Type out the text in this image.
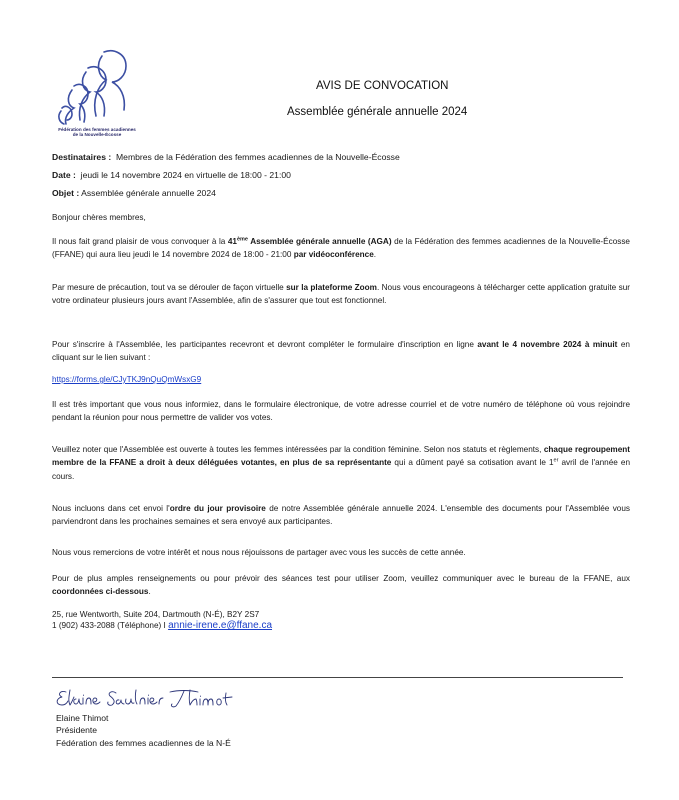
Fédération des femmes acadiennes
de la Nouvelle-Écosse
AVIS DE CONVOCATION
Assemblée générale annuelle 2024
Destinataires : Membres de la Fédération des femmes acadiennes de la Nouvelle-Écosse
Date : jeudi le 14 novembre 2024 en virtuelle de 18:00 - 21:00
Objet : Assemblée générale annuelle 2024
Bonjour chères membres,
Il nous fait grand plaisir de vous convoquer à la 41ème Assemblée générale annuelle (AGA) de la Fédération des femmes acadiennes de la Nouvelle-Écosse (FFANE) qui aura lieu jeudi le 14 novembre 2024 de 18:00 - 21:00 par vidéoconférence.
Par mesure de précaution, tout va se dérouler de façon virtuelle sur la plateforme Zoom. Nous vous encourageons à télécharger cette application gratuite sur votre ordinateur plusieurs jours avant l'Assemblée, afin de s'assurer que tout est fonctionnel.
Pour s'inscrire à l'Assemblée, les participantes recevront et devront compléter le formulaire d'inscription en ligne avant le 4 novembre 2024 à minuit en cliquant sur le lien suivant :
https://forms.gle/CJyTKJ9nQuQmWsxG9
Il est très important que vous nous informiez, dans le formulaire électronique, de votre adresse courriel et de votre numéro de téléphone où vous rejoindre pendant la réunion pour nous permettre de valider vos votes.
Veuillez noter que l'Assemblée est ouverte à toutes les femmes intéressées par la condition féminine. Selon nos statuts et règlements, chaque regroupement membre de la FFANE a droit à deux déléguées votantes, en plus de sa représentante qui a dûment payé sa cotisation avant le 1er avril de l'année en cours.
Nous incluons dans cet envoi l'ordre du jour provisoire de notre Assemblée générale annuelle 2024. L'ensemble des documents pour l'Assemblée vous parviendront dans les prochaines semaines et sera envoyé aux participantes.
Nous vous remercions de votre intérêt et nous nous réjouissons de partager avec vous les succès de cette année.
Pour de plus amples renseignements ou pour prévoir des séances test pour utiliser Zoom, veuillez communiquer avec le bureau de la FFANE, aux coordonnées ci-dessous.
25, rue Wentworth, Suite 204, Dartmouth (N-É), B2Y 2S7
1 (902) 433-2088 (Téléphone) I annie-irene.e@ffane.ca
Elaine Thimot
Présidente
Fédération des femmes acadiennes de la N-É
